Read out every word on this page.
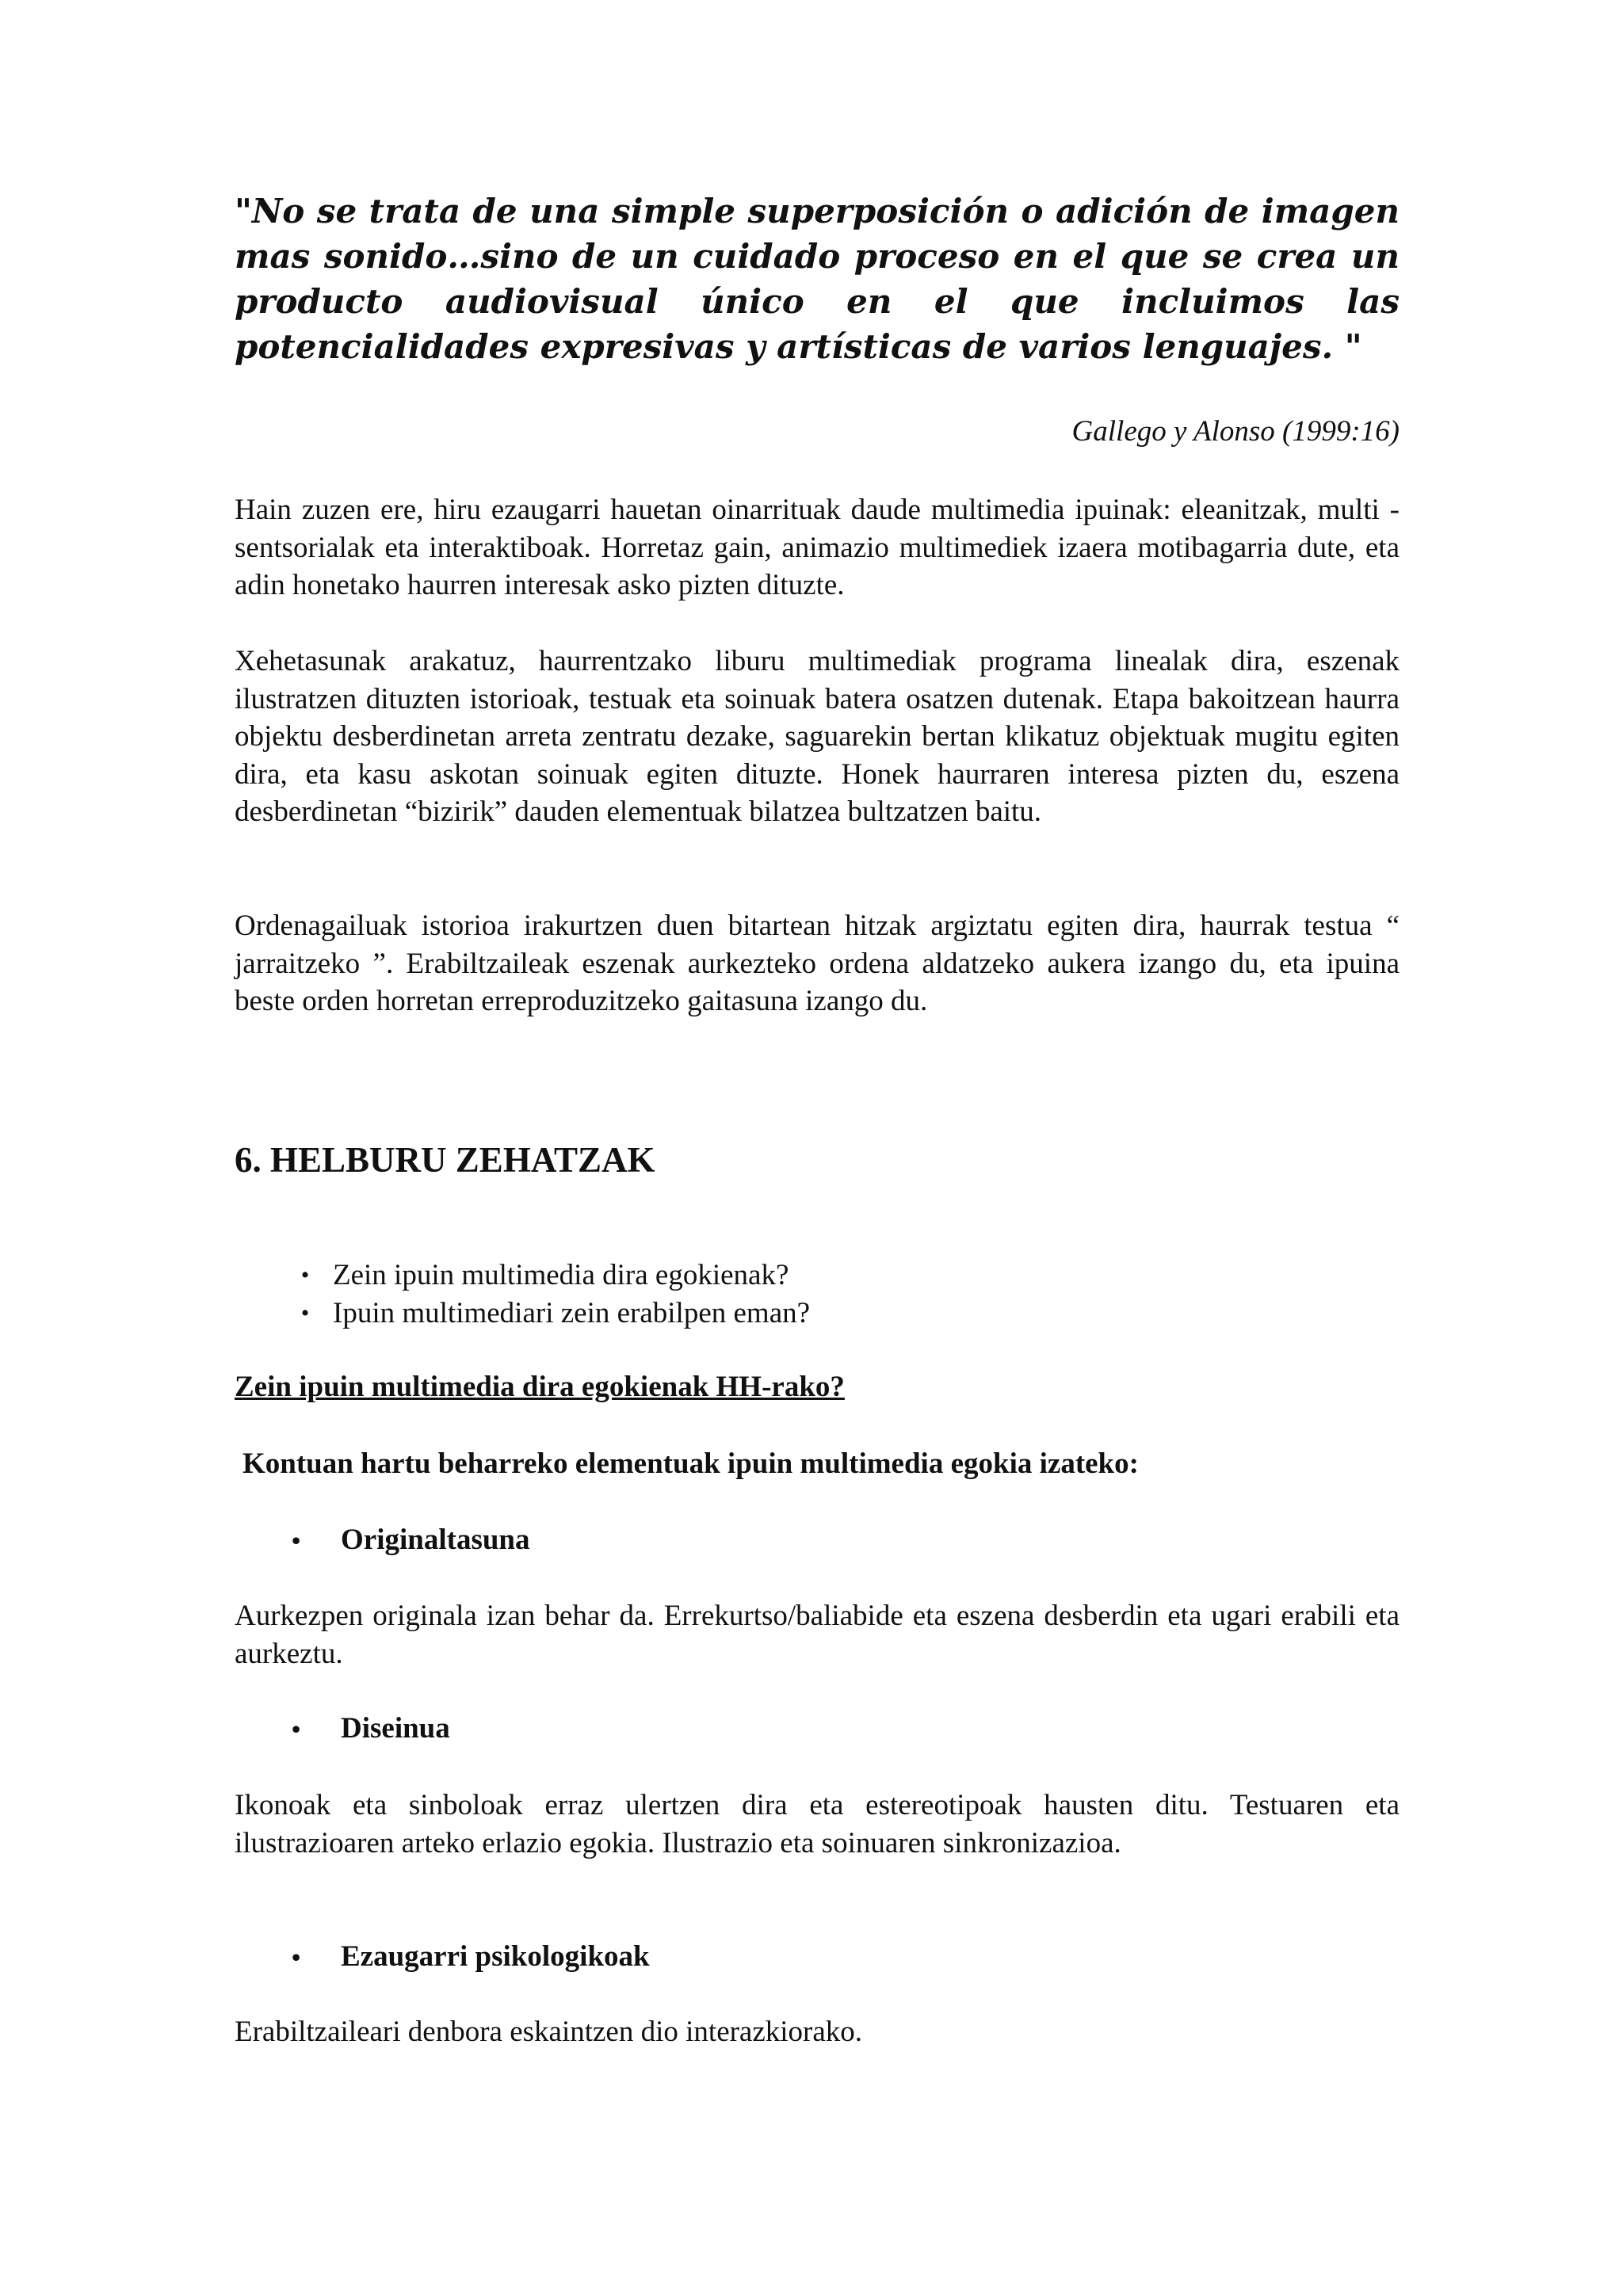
"No se trata de una simple superposición o adición de imagen mas sonido…sino de un cuidado proceso en el que se crea un producto audiovisual único en el que incluimos las potencialidades expresivas y artísticas de varios lenguajes. "

Gallego y Alonso (1999:16)

Hain zuzen ere, hiru ezaugarri hauetan oinarrituak daude multimedia ipuinak: eleanitzak, multi - sentsorialak eta interaktiboak. Horretaz gain, animazio multimediek izaera motibagarria dute, eta adin honetako haurren interesak asko pizten dituzte.

Xehetasunak arakatuz, haurrentzako liburu multimediak programa linealak dira, eszenak ilustratzen dituzten istorioak, testuak eta soinuak batera osatzen dutenak. Etapa bakoitzean haurra objektu desberdinetan arreta zentratu dezake, saguarekin bertan klikatuz objektuak mugitu egiten dira, eta kasu askotan soinuak egiten dituzte. Honek haurraren interesa pizten du, eszena desberdinetan “bizirik” dauden elementuak bilatzea bultzatzen baitu.

Ordenagailuak istorioa irakurtzen duen bitartean hitzak argiztatu egiten dira, haurrak testua “ jarraitzeko ”. Erabiltzaileak eszenak aurkezteko ordena aldatzeko aukera izango du, eta ipuina beste orden horretan erreproduzitzeko gaitasuna izango du.

6. HELBURU ZEHATZAK
• Zein ipuin multimedia dira egokienak?
• Ipuin multimediari zein erabilpen eman?

Zein ipuin multimedia dira egokienak HH-rako?

Kontuan hartu beharreko elementuak ipuin multimedia egokia izateko:

• Originaltasuna

Aurkezpen originala izan behar da. Errekurtso/baliabide eta eszena desberdin eta ugari erabili eta aurkeztu.

• Diseinua

Ikonoak eta sinboloak erraz ulertzen dira eta estereotipoak hausten ditu. Testuaren eta ilustrazioaren arteko erlazio egokia. Ilustrazio eta soinuaren sinkronizazioa.

• Ezaugarri psikologikoak

Erabiltzaileari denbora eskaintzen dio interazkiorako.
